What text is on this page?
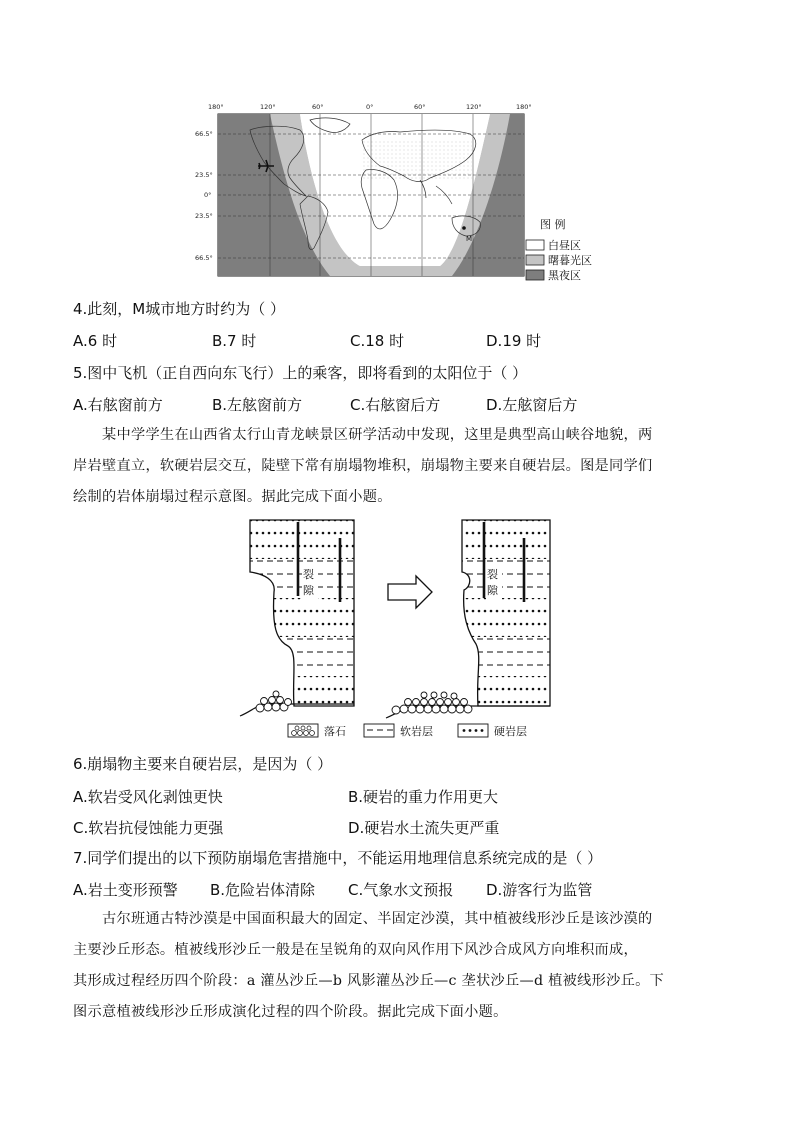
180°	120°	60°	0°	60°	120°	180°
66.5°
23.5°
0°
23.5°
66.5°
M
图 例
白昼区
曙暮光区
黑夜区
4.此刻，M城市地方时约为（ ）
A.6 时	B.7 时	C.18 时	D.19 时
5.图中飞机（正自西向东飞行）上的乘客，即将看到的太阳位于（ ）
A.右舷窗前方	B.左舷窗前方	C.右舷窗后方	D.左舷窗后方
某中学学生在山西省太行山青龙峡景区研学活动中发现，这里是典型高山峡谷地貌，两
岸岩壁直立，软硬岩层交互，陡壁下常有崩塌物堆积，崩塌物主要来自硬岩层。图是同学们
绘制的岩体崩塌过程示意图。据此完成下面小题。
裂
隙
裂
隙
落石	软岩层	硬岩层
6.崩塌物主要来自硬岩层，是因为（ ）
A.软岩受风化剥蚀更快	B.硬岩的重力作用更大
C.软岩抗侵蚀能力更强	D.硬岩水土流失更严重
7.同学们提出的以下预防崩塌危害措施中，不能运用地理信息系统完成的是（ ）
A.岩土变形预警 B.危险岩体清除 C.气象水文预报 D.游客行为监管
古尔班通古特沙漠是中国面积最大的固定、半固定沙漠，其中植被线形沙丘是该沙漠的
主要沙丘形态。植被线形沙丘一般是在呈锐角的双向风作用下风沙合成风方向堆积而成，
其形成过程经历四个阶段：a 灌丛沙丘—b 风影灌丛沙丘—c 垄状沙丘—d 植被线形沙丘。下
图示意植被线形沙丘形成演化过程的四个阶段。据此完成下面小题。
